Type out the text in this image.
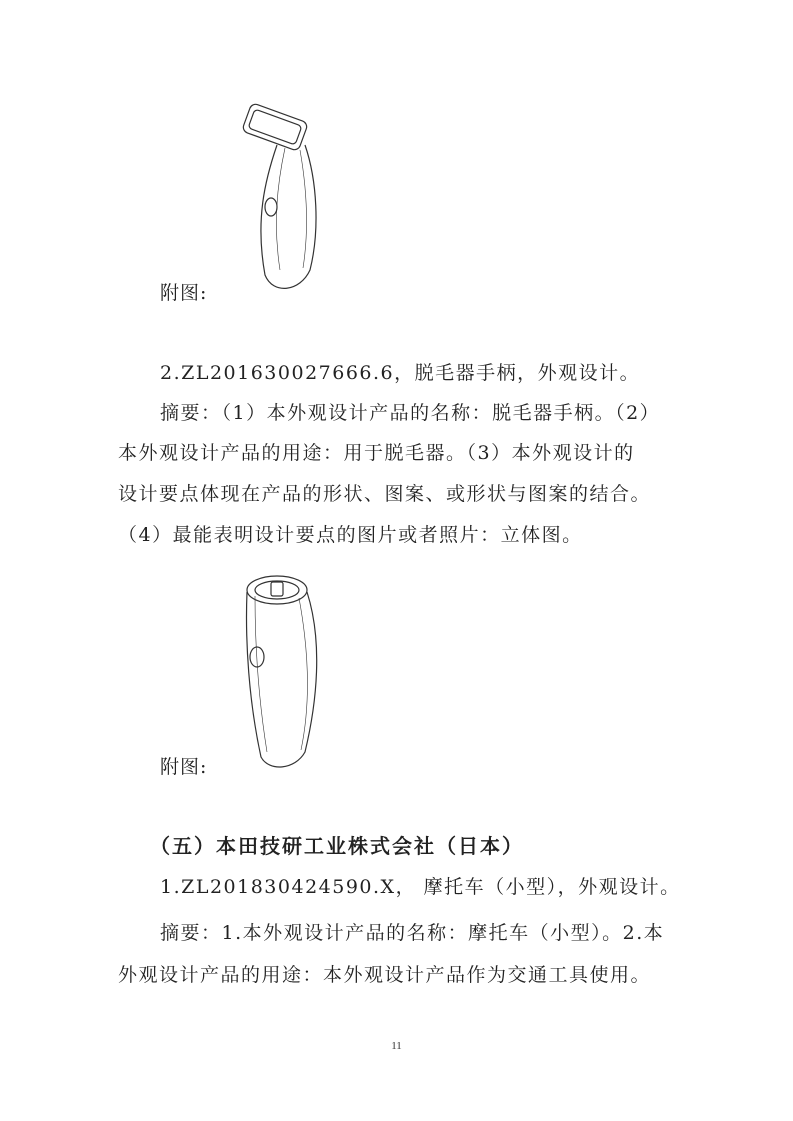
附图:
2.ZL201630027666.6，脱毛器手柄，外观设计。
摘要：（1）本外观设计产品的名称：脱毛器手柄。（2）
本外观设计产品的用途：用于脱毛器。（3）本外观设计的
设计要点体现在产品的形状、图案、或形状与图案的结合。
（4）最能表明设计要点的图片或者照片：立体图。
附图:
（五）本田技研工业株式会社（日本）
1.ZL201830424590.X， 摩托车（小型），外观设计。
摘要：1.本外观设计产品的名称：摩托车（小型）。2.本
外观设计产品的用途：本外观设计产品作为交通工具使用。
11
